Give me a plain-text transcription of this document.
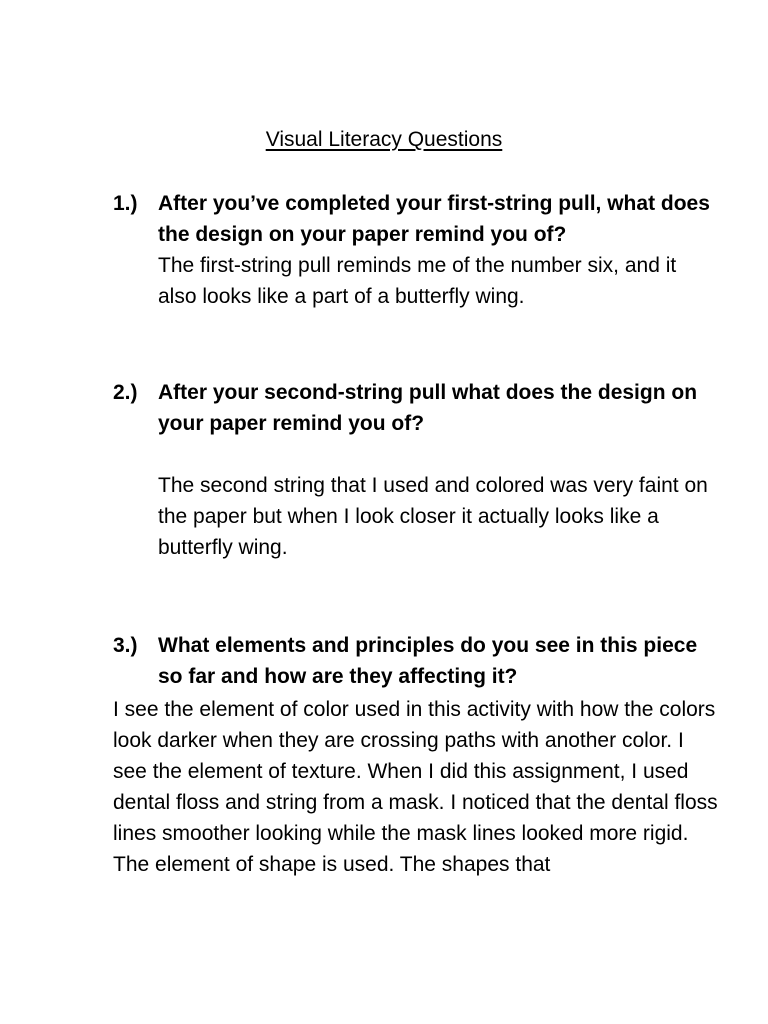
Visual Literacy Questions
1.) After you’ve completed your first-string pull, what does the design on your paper remind you of?

The first-string pull reminds me of the number six, and it also looks like a part of a butterfly wing.

2.) After your second-string pull what does the design on your paper remind you of?

The second string that I used and colored was very faint on the paper but when I look closer it actually looks like a butterfly wing.

3.) What elements and principles do you see in this piece so far and how are they affecting it?

I see the element of color used in this activity with how the colors look darker when they are crossing paths with another color. I see the element of texture. When I did this assignment, I used dental floss and string from a mask. I noticed that the dental floss lines smoother looking while the mask lines looked more rigid. The element of shape is used. The shapes that
